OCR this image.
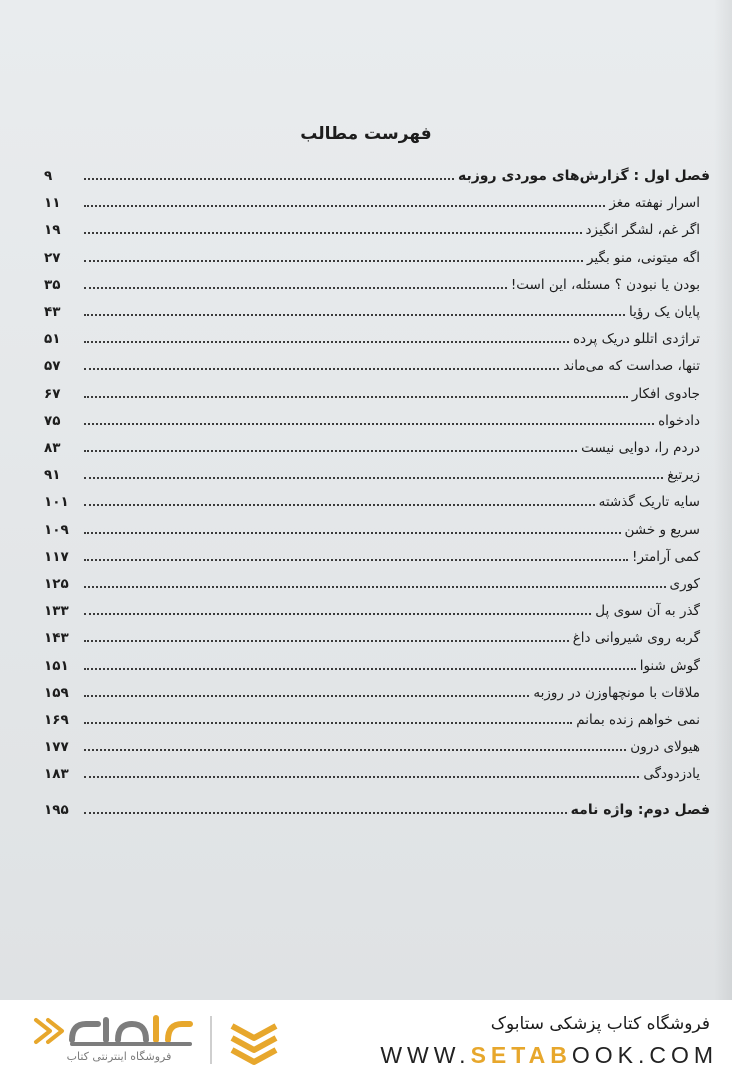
فهرست مطالب
فصل اول : گزارش‌های موردی روزبه
۹
اسرار نهفته مغز
۱۱
اگر غم، لشگر انگیزد
۱۹
اگه میتونی، منو بگیر
۲۷
بودن یا نبودن ؟ مسئله، این است!
۳۵
پایان یک رؤیا
۴۳
تراژدی اتللو دریک پرده
۵۱
تنها، صداست که می‌ماند
۵۷
جادوی افکار
۶۷
دادخواه
۷۵
دردم را، دوایی نیست
۸۳
زیرتیغ
۹۱
سایه تاریک گذشته
۱۰۱
سریع و خشن
۱۰۹
کمی آرامتر!
۱۱۷
کوری
۱۲۵
گذر به آن سوی پل
۱۳۳
گربه روی شیروانی داغ
۱۴۳
گوش شنوا
۱۵۱
ملاقات با مونچهاوزن در روزبه
۱۵۹
نمی خواهم زنده بمانم
۱۶۹
هیولای درون
۱۷۷
یادزدودگی
۱۸۳
فصل دوم: واژه نامه
۱۹۵
فروشگاه اینترنتی کتاب
فروشگاه کتاب پزشکی ستابوک
WWW.SETABOOK.COM
